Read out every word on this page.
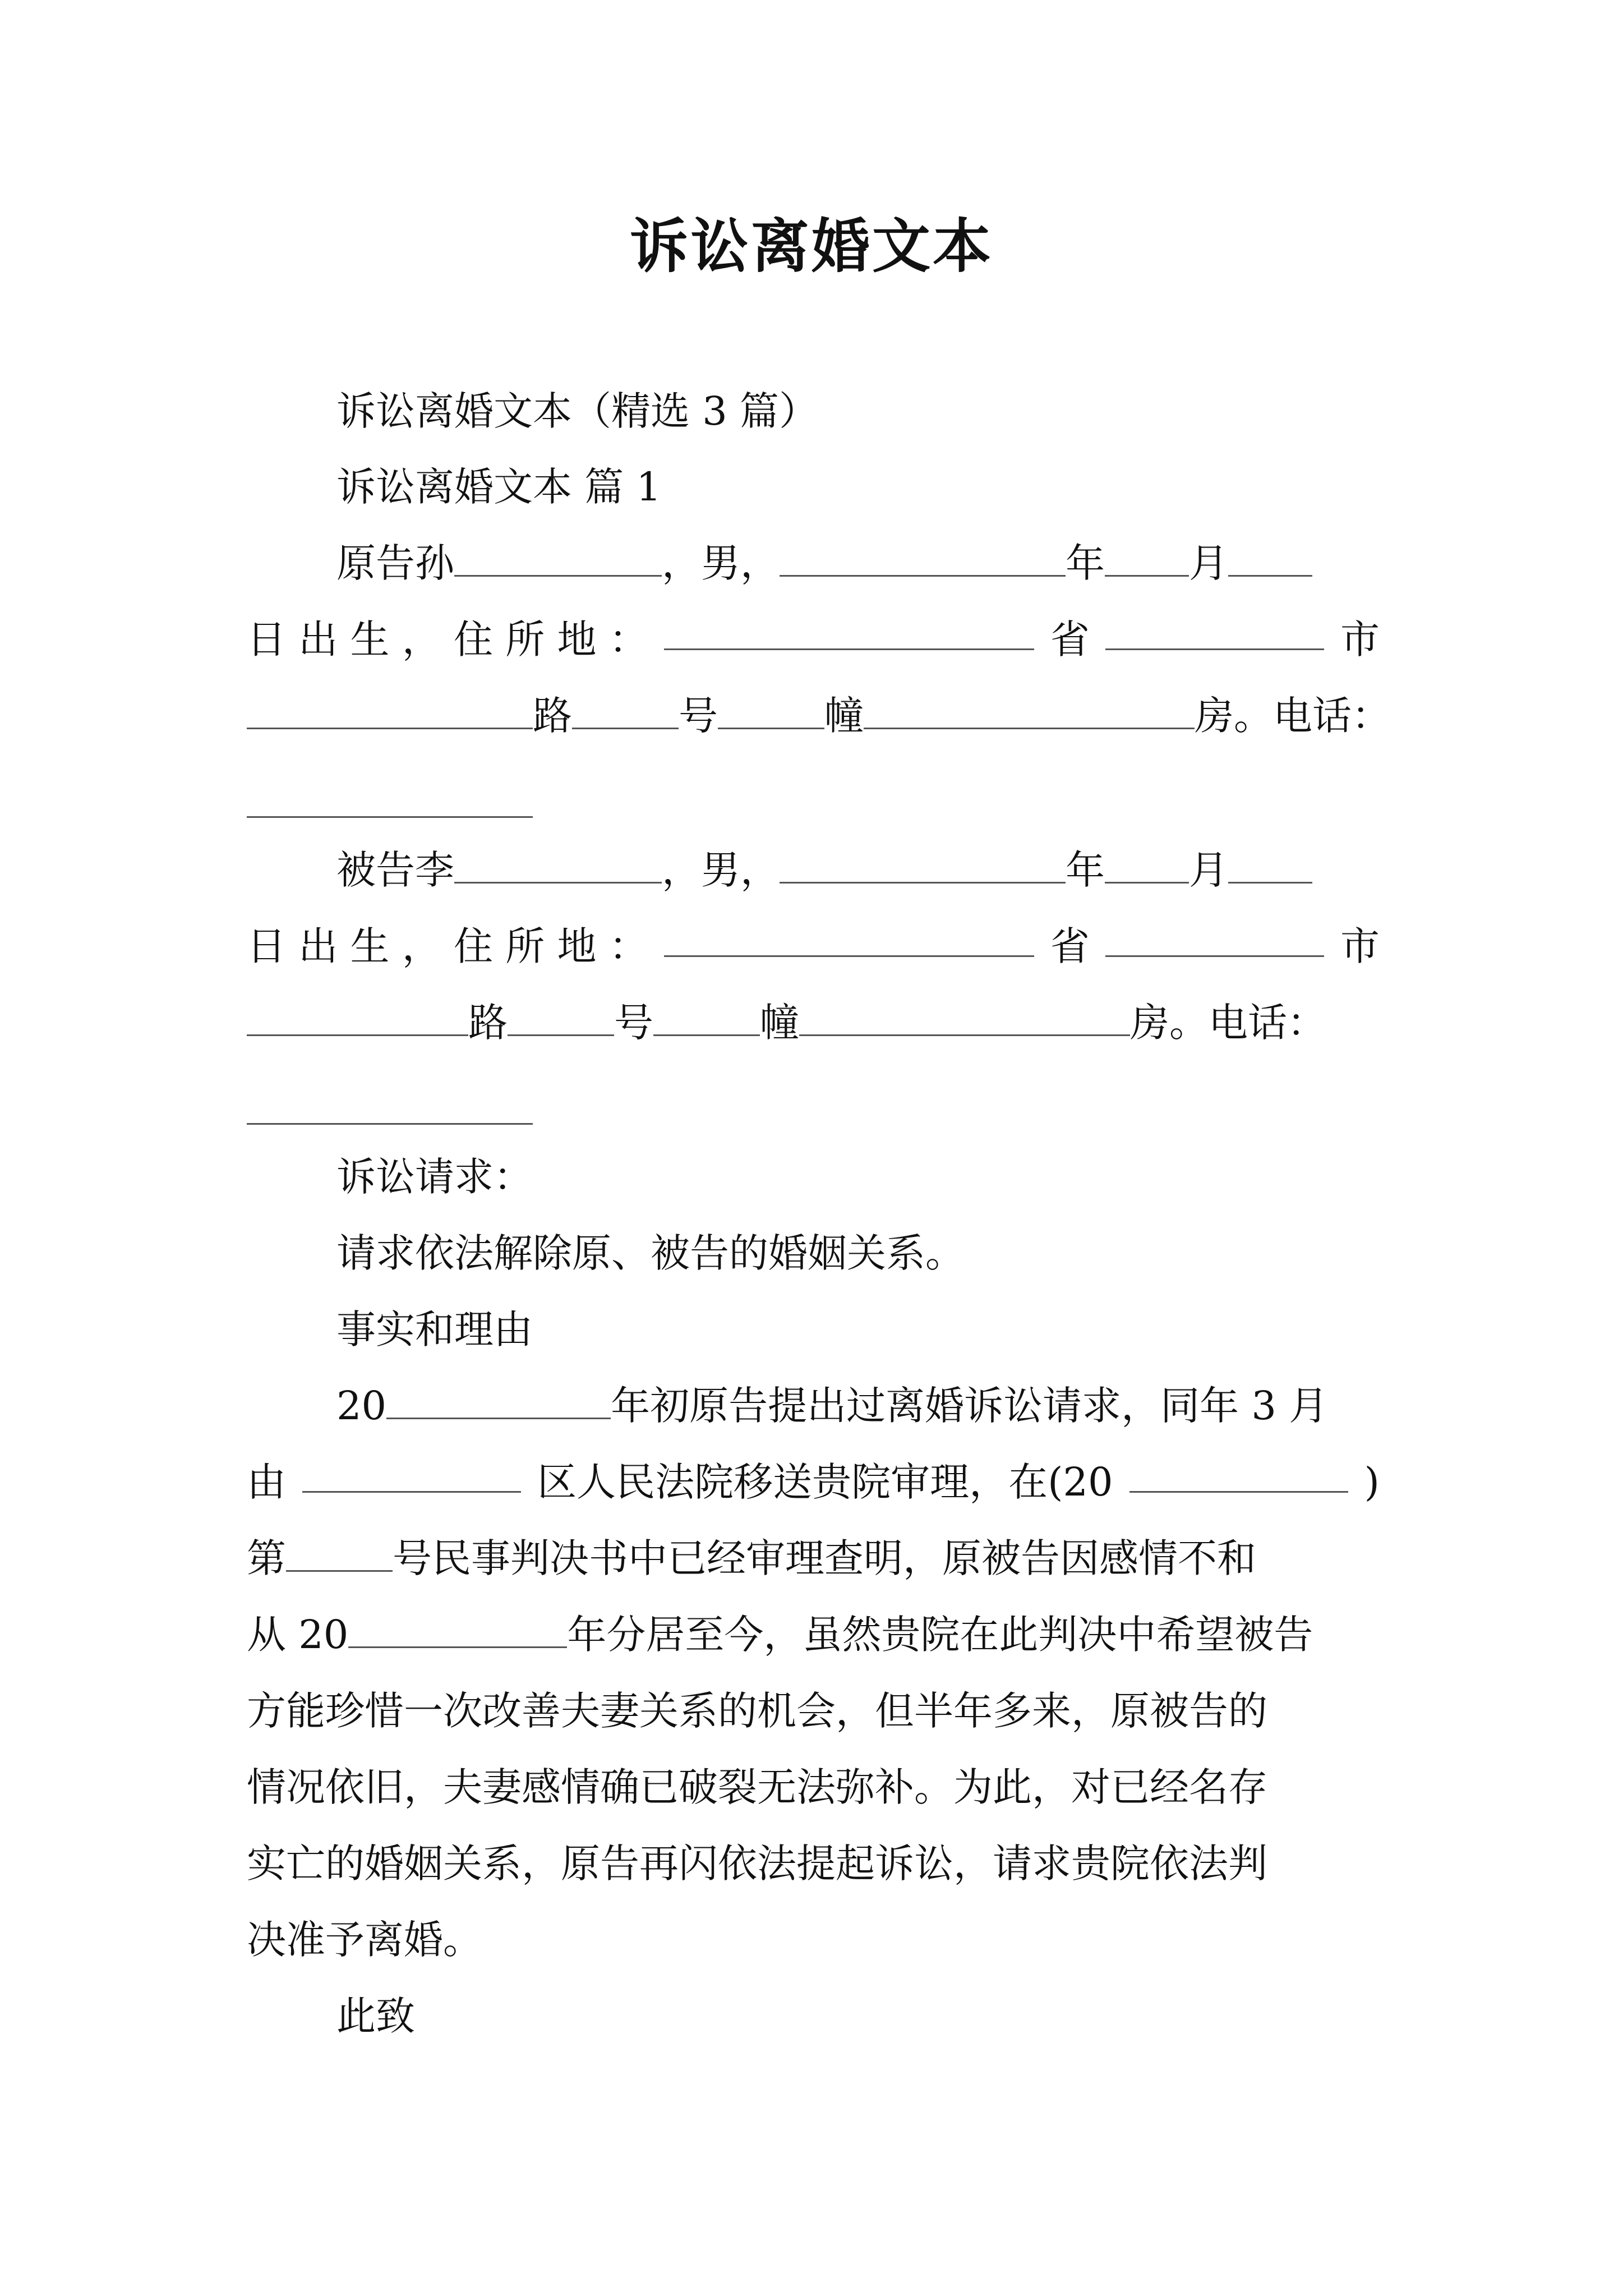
诉讼离婚文本
诉讼离婚文本（精选 3 篇）
诉讼离婚文本 篇 1
原告孙	，男，	年 月
日 出 生 ， 住 所 地 ：	省	市
路	号	幢	房。电话：
被告李	，男，	年 月
日 出 生 ， 住 所 地 ：	省	市
路	号	幢	房。电话：
诉讼请求：
请求依法解除原、被告的婚姻关系。
事实和理由
20	年初原告提出过离婚诉讼请求，同年 3 月
由	区人民法院移送贵院审理，在(20	)
第	号民事判决书中已经审理查明，原被告因感情不和
从 20	年分居至今，虽然贵院在此判决中希望被告
方能珍惜一次改善夫妻关系的机会，但半年多来，原被告的
情况依旧，夫妻感情确已破裂无法弥补。为此，对已经名存
实亡的婚姻关系，原告再闪依法提起诉讼，请求贵院依法判
决准予离婚。
此致
